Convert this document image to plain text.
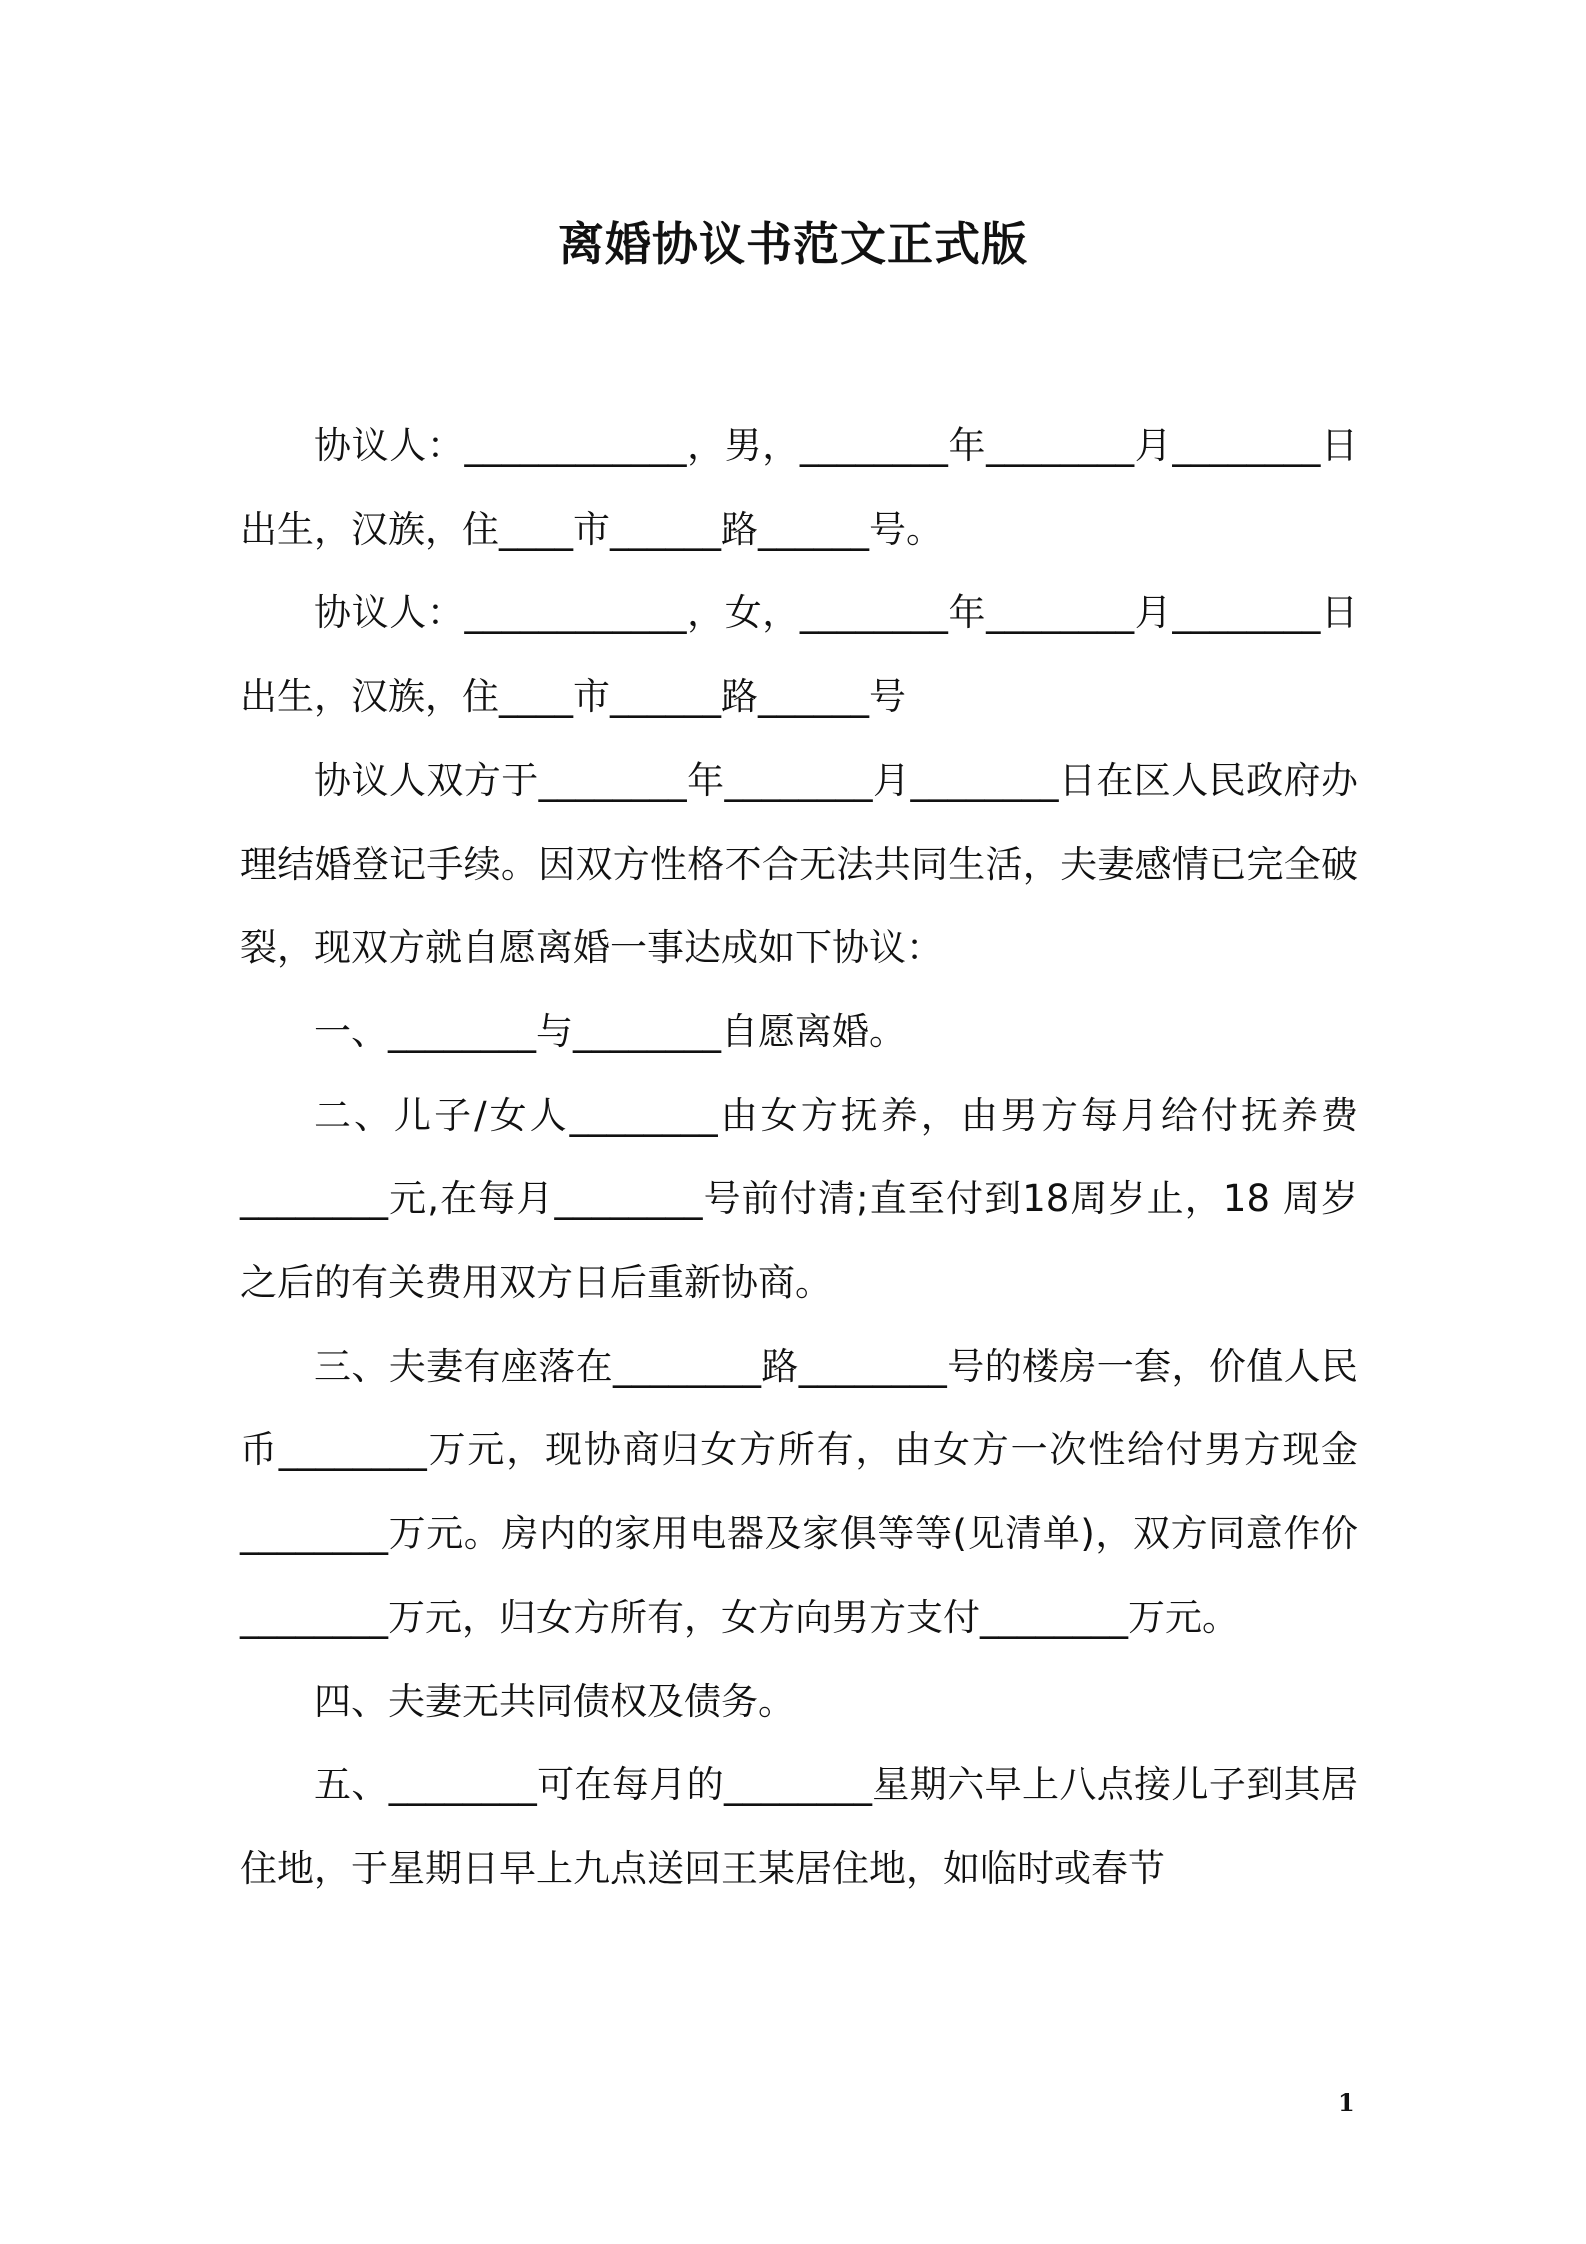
离婚协议书范文正式版

协议人：____________，男，________年________月________日出生，汉族，住____市______路______号。

协议人：____________，女，________年________月________日出生，汉族，住____市______路______号

协议人双方于________年________月________日在区人民政府办理结婚登记手续。因双方性格不合无法共同生活，夫妻感情已完全破裂，现双方就自愿离婚一事达成如下协议：

一、________与________自愿离婚。

二、儿子/女人________由女方抚养，由男方每月给付抚养费________元,在每月________号前付清;直至付到18周岁止，18 周岁之后的有关费用双方日后重新协商。

三、夫妻有座落在________路________号的楼房一套，价值人民币________万元，现协商归女方所有，由女方一次性给付男方现金________万元。房内的家用电器及家俱等等(见清单)，双方同意作价________万元，归女方所有，女方向男方支付________万元。

四、夫妻无共同债权及债务。

五、________可在每月的________星期六早上八点接儿子到其居住地，于星期日早上九点送回王某居住地，如临时或春节

1
